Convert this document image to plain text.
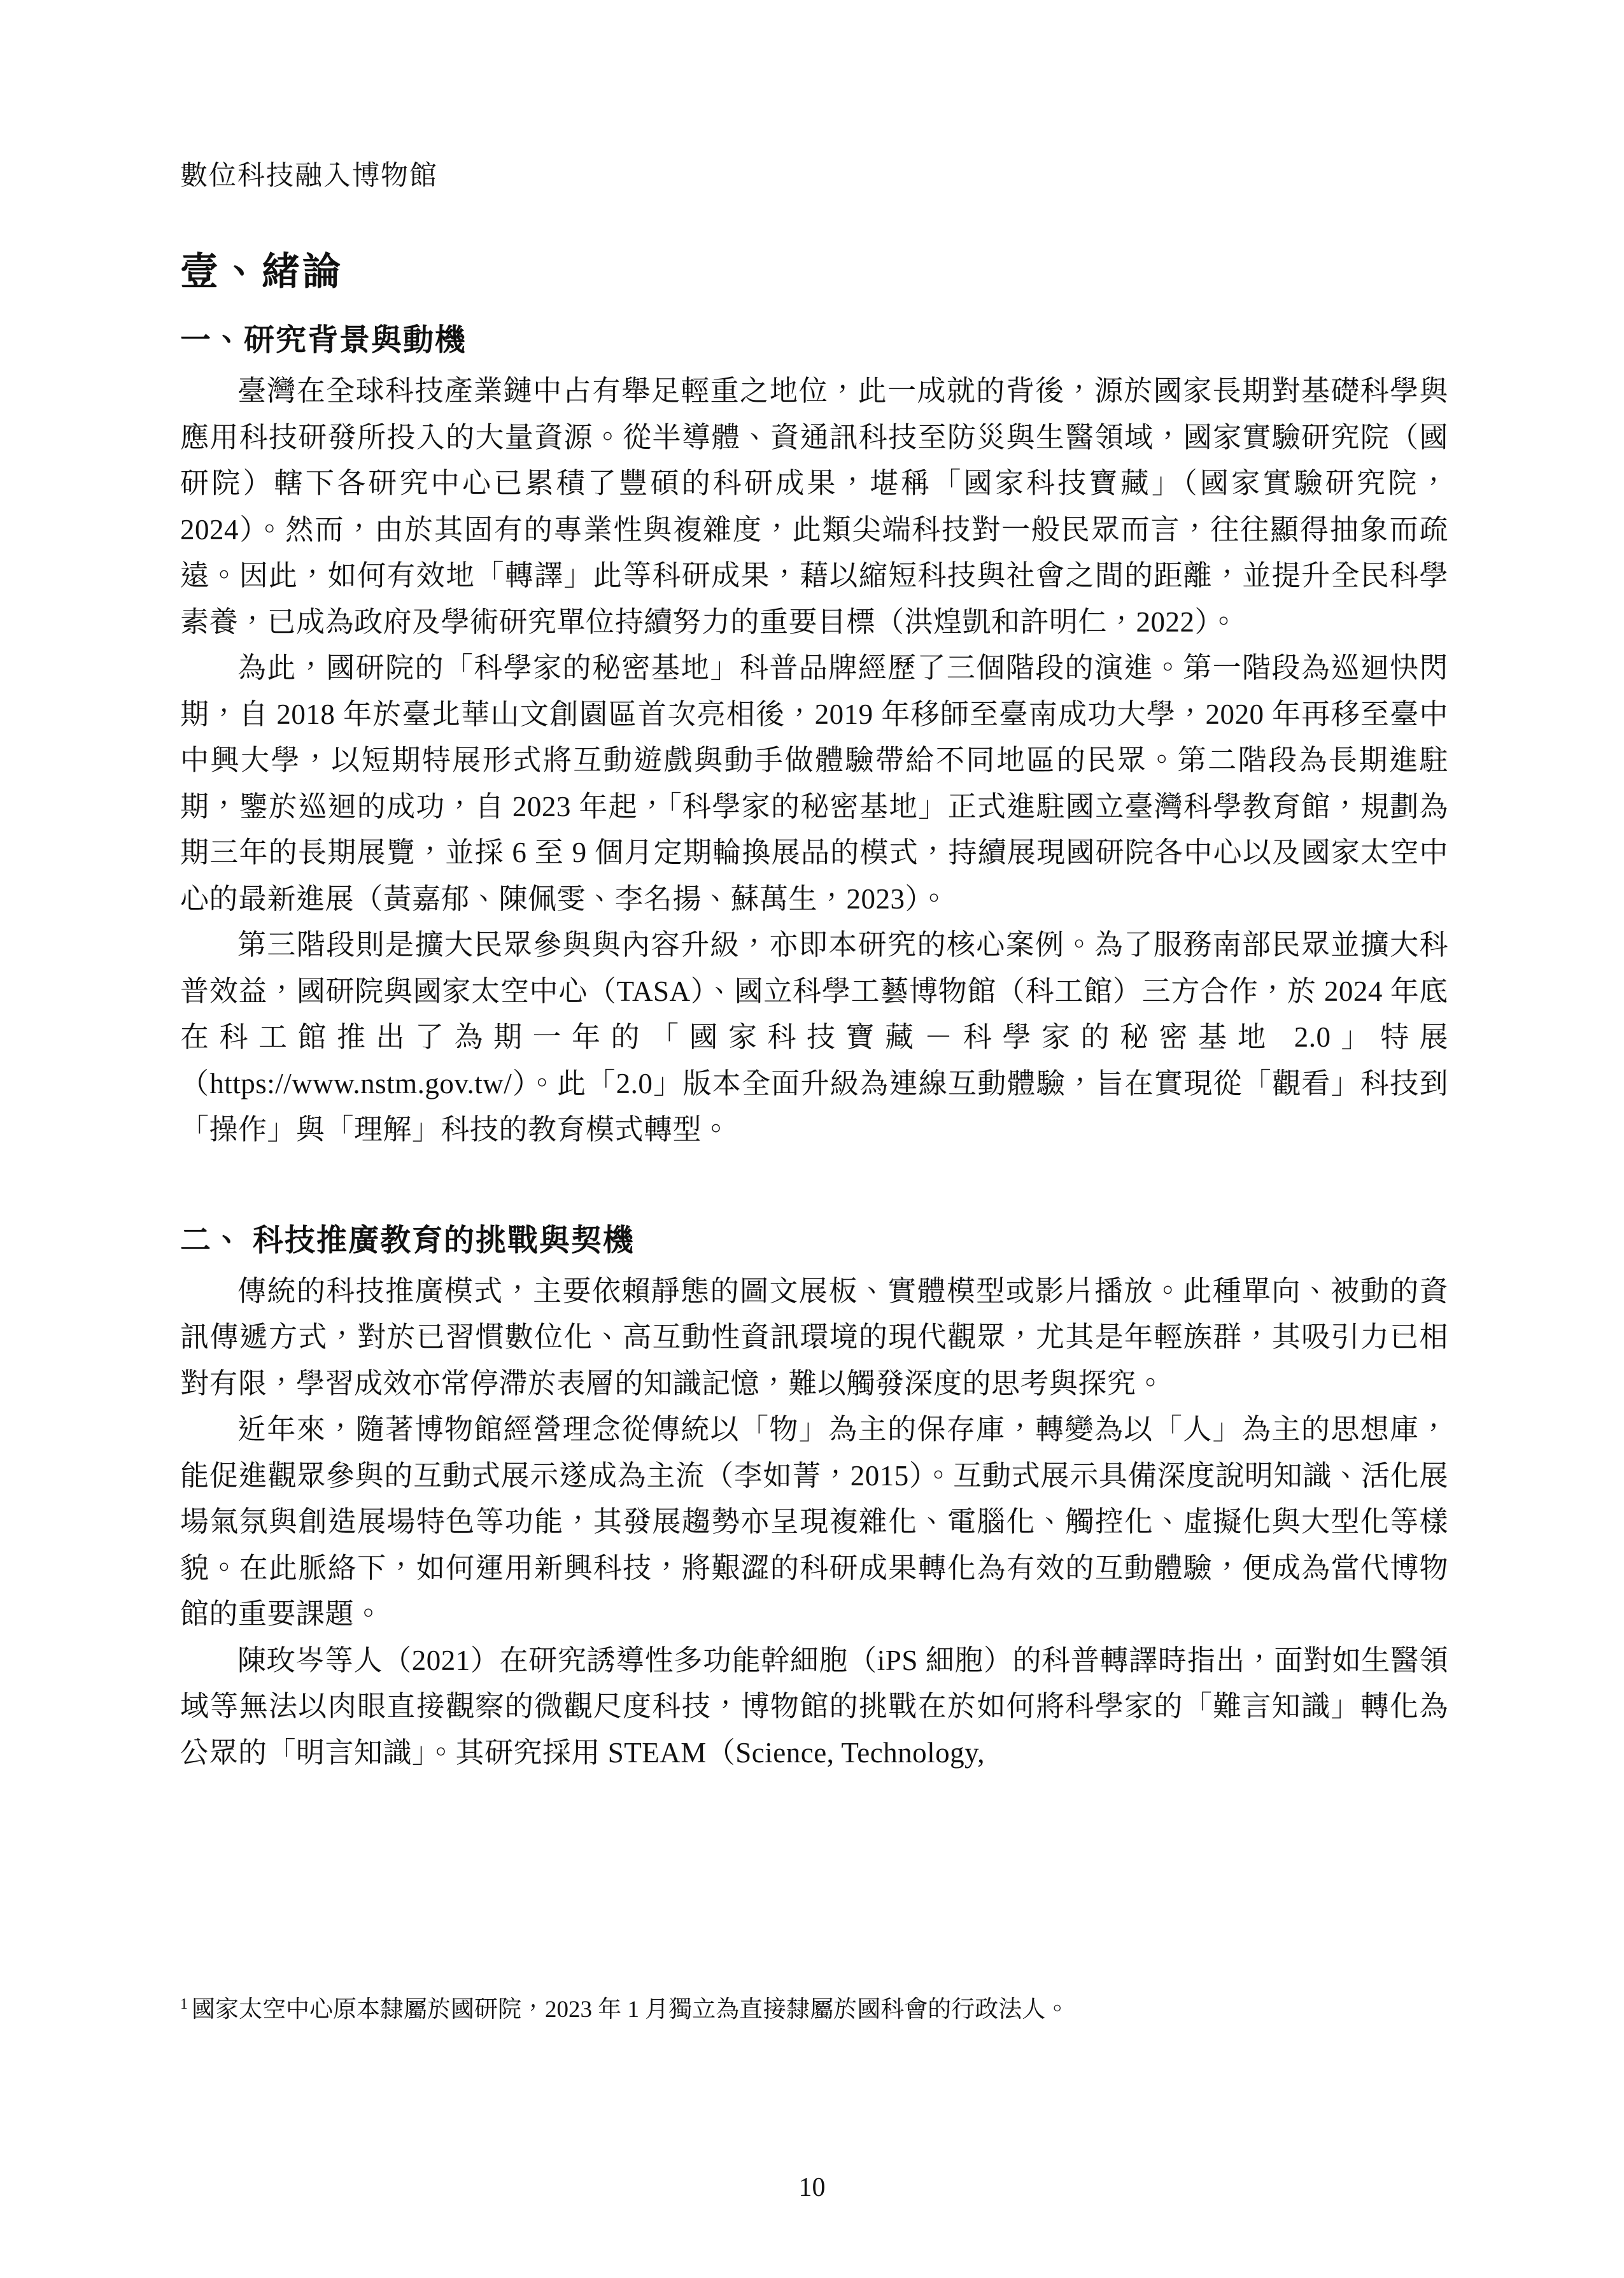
數位科技融入博物館
壹、緒論
一、研究背景與動機

臺灣在全球科技產業鏈中占有舉足輕重之地位，此一成就的背後，源於國家長期對基礎科學與應用科技研發所投入的大量資源。從半導體、資通訊科技至防災與生醫領域，國家實驗研究院（國研院）轄下各研究中心已累積了豐碩的科研成果，堪稱「國家科技寶藏」（國家實驗研究院，2024）。然而，由於其固有的專業性與複雜度，此類尖端科技對一般民眾而言，往往顯得抽象而疏遠。因此，如何有效地「轉譯」此等科研成果，藉以縮短科技與社會之間的距離，並提升全民科學素養，已成為政府及學術研究單位持續努力的重要目標（洪煌凱和許明仁，2022）。

為此，國研院的「科學家的秘密基地」科普品牌經歷了三個階段的演進。第一階段為巡迴快閃期，自 2018 年於臺北華山文創園區首次亮相後，2019 年移師至臺南成功大學，2020 年再移至臺中中興大學，以短期特展形式將互動遊戲與動手做體驗帶給不同地區的民眾。第二階段為長期進駐期，鑒於巡迴的成功，自 2023 年起，「科學家的秘密基地」正式進駐國立臺灣科學教育館，規劃為期三年的長期展覽，並採 6 至 9 個月定期輪換展品的模式，持續展現國研院各中心以及國家太空中心的最新進展（黃嘉郁、陳佩雯、李名揚、蘇萬生，2023）。

第三階段則是擴大民眾參與與內容升級，亦即本研究的核心案例。為了服務南部民眾並擴大科普效益，國研院與國家太空中心（TASA）、國立科學工藝博物館（科工館）三方合作，於 2024 年底在科工館推出了為期一年的「國家科技寶藏－科學家的秘密基地 2.0」特展（https://www.nstm.gov.tw/）。此「2.0」版本全面升級為連線互動體驗，旨在實現從「觀看」科技到「操作」與「理解」科技的教育模式轉型。

二、 科技推廣教育的挑戰與契機

傳統的科技推廣模式，主要依賴靜態的圖文展板、實體模型或影片播放。此種單向、被動的資訊傳遞方式，對於已習慣數位化、高互動性資訊環境的現代觀眾，尤其是年輕族群，其吸引力已相對有限，學習成效亦常停滯於表層的知識記憶，難以觸發深度的思考與探究。

近年來，隨著博物館經營理念從傳統以「物」為主的保存庫，轉變為以「人」為主的思想庫，能促進觀眾參與的互動式展示遂成為主流（李如菁，2015）。互動式展示具備深度說明知識、活化展場氣氛與創造展場特色等功能，其發展趨勢亦呈現複雜化、電腦化、觸控化、虛擬化與大型化等樣貌。在此脈絡下，如何運用新興科技，將艱澀的科研成果轉化為有效的互動體驗，便成為當代博物館的重要課題。

陳玫岑等人（2021）在研究誘導性多功能幹細胞（iPS 細胞）的科普轉譯時指出，面對如生醫領域等無法以肉眼直接觀察的微觀尺度科技，博物館的挑戰在於如何將科學家的「難言知識」轉化為公眾的「明言知識」。其研究採用 STEAM（Science, Technology,

$^1$ 國家太空中心原本隸屬於國研院，2023 年 1 月獨立為直接隸屬於國科會的行政法人。
10
